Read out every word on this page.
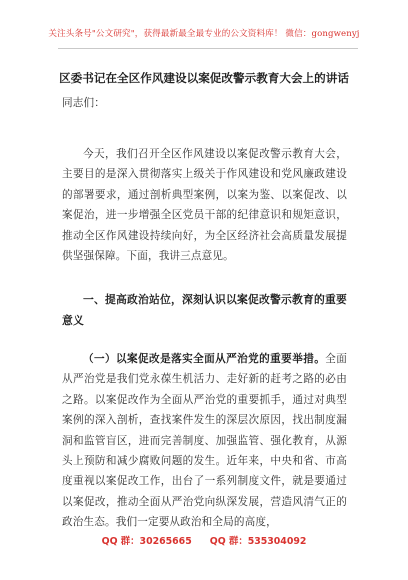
关注头条号"公文研究"，获得最新最全最专业的公文资料库！ 微信：gongwenyj
区委书记在全区作风建设以案促改警示教育大会上的讲话

同志们：

今天，我们召开全区作风建设以案促改警示教育大会，主要目的是深入贯彻落实上级关于作风建设和党风廉政建设的部署要求，通过剖析典型案例，以案为鉴、以案促改、以案促治，进一步增强全区党员干部的纪律意识和规矩意识，推动全区作风建设持续向好，为全区经济社会高质量发展提供坚强保障。下面，我讲三点意见。

一、提高政治站位，深刻认识以案促改警示教育的重要意义

（一）以案促改是落实全面从严治党的重要举措。全面从严治党是我们党永葆生机活力、走好新的赶考之路的必由之路。以案促改作为全面从严治党的重要抓手，通过对典型案例的深入剖析，查找案件发生的深层次原因，找出制度漏洞和监管盲区，进而完善制度、加强监管、强化教育，从源头上预防和减少腐败问题的发生。近年来，中央和省、市高度重视以案促改工作，出台了一系列制度文件，就是要通过以案促改，推动全面从严治党向纵深发展，营造风清气正的政治生态。我们一定要从政治和全局的高度，

QQ 群：30265665 QQ 群：535304092
